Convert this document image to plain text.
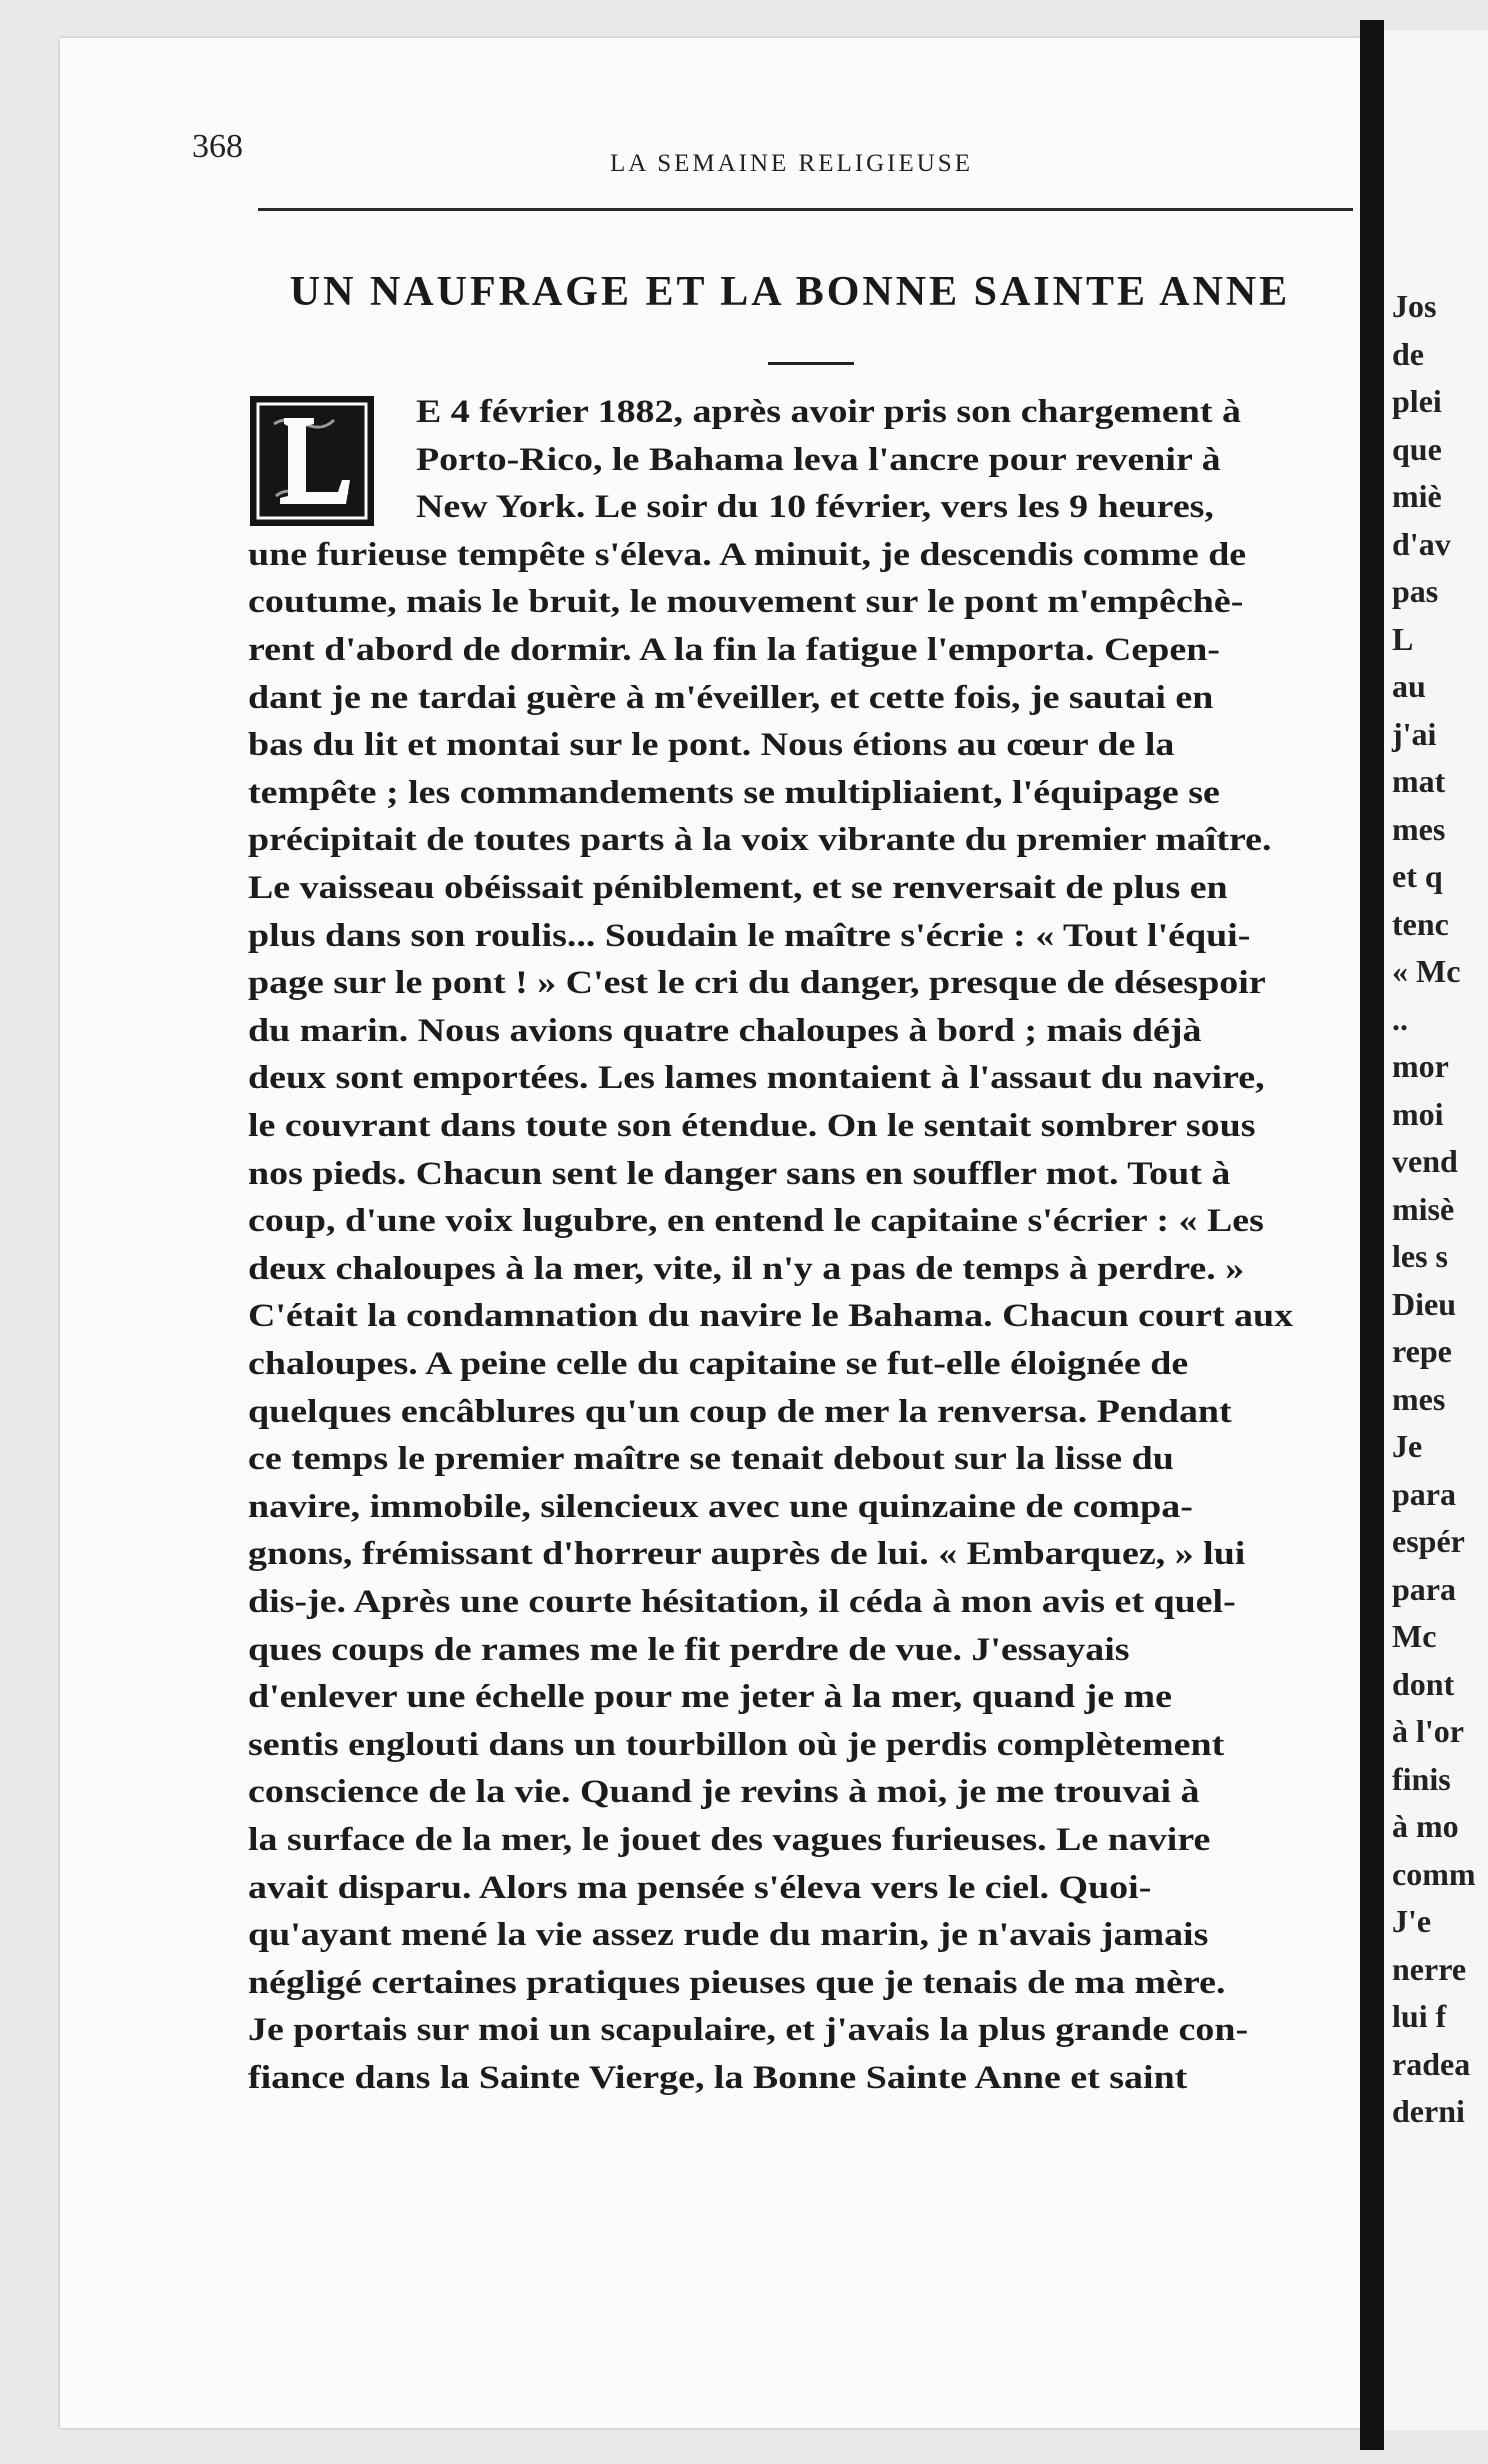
Jos
de
plei
que
miè
d'av
pas
L
au
j'ai
mat
mes
et q
tenc
« Mc
..
mor
moi
vend
misè
les s
Dieu
repe
mes
Je
para
espér
para
Mc
dont
à l'or
finis
à mo
comm
J'e
nerre
lui f
radea
derni
368	LA SEMAINE RELIGIEUSE
UN NAUFRAGE ET LA BONNE SAINTE ANNE
E 4 février 1882, après avoir pris son chargement à
Porto-Rico, le Bahama leva l'ancre pour revenir à
New York. Le soir du 10 février, vers les 9 heures,
une furieuse tempête s'éleva. A minuit, je descendis comme de
coutume, mais le bruit, le mouvement sur le pont m'empêchè-
rent d'abord de dormir. A la fin la fatigue l'emporta. Cepen-
dant je ne tardai guère à m'éveiller, et cette fois, je sautai en
bas du lit et montai sur le pont. Nous étions au cœur de la
tempête ; les commandements se multipliaient, l'équipage se
précipitait de toutes parts à la voix vibrante du premier maître.
Le vaisseau obéissait péniblement, et se renversait de plus en
plus dans son roulis... Soudain le maître s'écrie : « Tout l'équi-
page sur le pont ! » C'est le cri du danger, presque de désespoir
du marin. Nous avions quatre chaloupes à bord ; mais déjà
deux sont emportées. Les lames montaient à l'assaut du navire,
le couvrant dans toute son étendue. On le sentait sombrer sous
nos pieds. Chacun sent le danger sans en souffler mot. Tout à
coup, d'une voix lugubre, en entend le capitaine s'écrier : « Les
deux chaloupes à la mer, vite, il n'y a pas de temps à perdre. »
C'était la condamnation du navire le Bahama. Chacun court aux
chaloupes. A peine celle du capitaine se fut-elle éloignée de
quelques encâblures qu'un coup de mer la renversa. Pendant
ce temps le premier maître se tenait debout sur la lisse du
navire, immobile, silencieux avec une quinzaine de compa-
gnons, frémissant d'horreur auprès de lui. « Embarquez, » lui
dis-je. Après une courte hésitation, il céda à mon avis et quel-
ques coups de rames me le fit perdre de vue. J'essayais
d'enlever une échelle pour me jeter à la mer, quand je me
sentis englouti dans un tourbillon où je perdis complètement
conscience de la vie. Quand je revins à moi, je me trouvai à
la surface de la mer, le jouet des vagues furieuses. Le navire
avait disparu. Alors ma pensée s'éleva vers le ciel. Quoi-
qu'ayant mené la vie assez rude du marin, je n'avais jamais
négligé certaines pratiques pieuses que je tenais de ma mère.
Je portais sur moi un scapulaire, et j'avais la plus grande con-
fiance dans la Sainte Vierge, la Bonne Sainte Anne et saint
